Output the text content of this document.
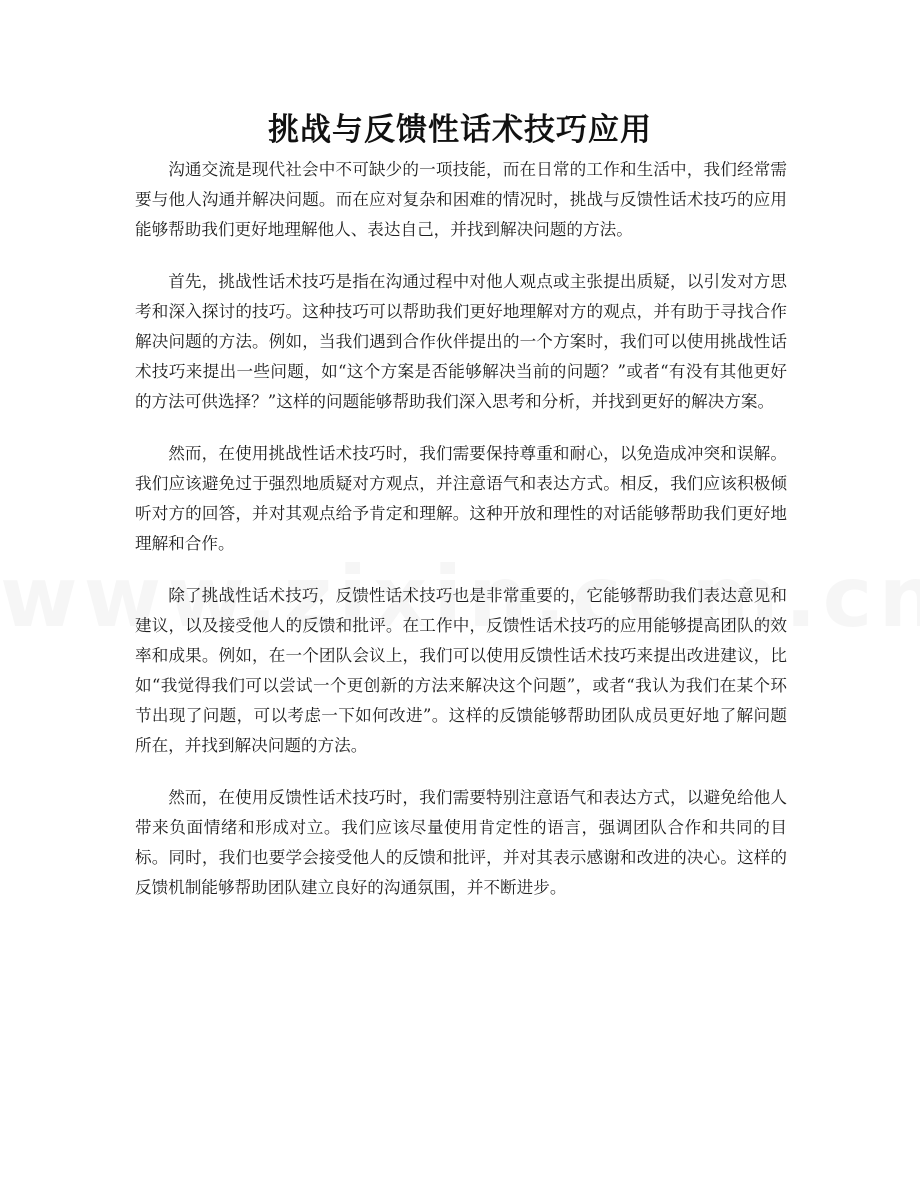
挑战与反馈性话术技巧应用

沟通交流是现代社会中不可缺少的一项技能，而在日常的工作和生活中，我们经常需要与他人沟通并解决问题。而在应对复杂和困难的情况时，挑战与反馈性话术技巧的应用能够帮助我们更好地理解他人、表达自己，并找到解决问题的方法。

首先，挑战性话术技巧是指在沟通过程中对他人观点或主张提出质疑，以引发对方思考和深入探讨的技巧。这种技巧可以帮助我们更好地理解对方的观点，并有助于寻找合作解决问题的方法。例如，当我们遇到合作伙伴提出的一个方案时，我们可以使用挑战性话术技巧来提出一些问题，如“这个方案是否能够解决当前的问题？”或者“有没有其他更好的方法可供选择？”这样的问题能够帮助我们深入思考和分析，并找到更好的解决方案。

然而，在使用挑战性话术技巧时，我们需要保持尊重和耐心，以免造成冲突和误解。我们应该避免过于强烈地质疑对方观点，并注意语气和表达方式。相反，我们应该积极倾听对方的回答，并对其观点给予肯定和理解。这种开放和理性的对话能够帮助我们更好地理解和合作。

除了挑战性话术技巧，反馈性话术技巧也是非常重要的，它能够帮助我们表达意见和建议，以及接受他人的反馈和批评。在工作中，反馈性话术技巧的应用能够提高团队的效率和成果。例如，在一个团队会议上，我们可以使用反馈性话术技巧来提出改进建议，比如“我觉得我们可以尝试一个更创新的方法来解决这个问题”，或者“我认为我们在某个环节出现了问题，可以考虑一下如何改进”。这样的反馈能够帮助团队成员更好地了解问题所在，并找到解决问题的方法。

然而，在使用反馈性话术技巧时，我们需要特别注意语气和表达方式，以避免给他人带来负面情绪和形成对立。我们应该尽量使用肯定性的语言，强调团队合作和共同的目标。同时，我们也要学会接受他人的反馈和批评，并对其表示感谢和改进的决心。这样的反馈机制能够帮助团队建立良好的沟通氛围，并不断进步。
